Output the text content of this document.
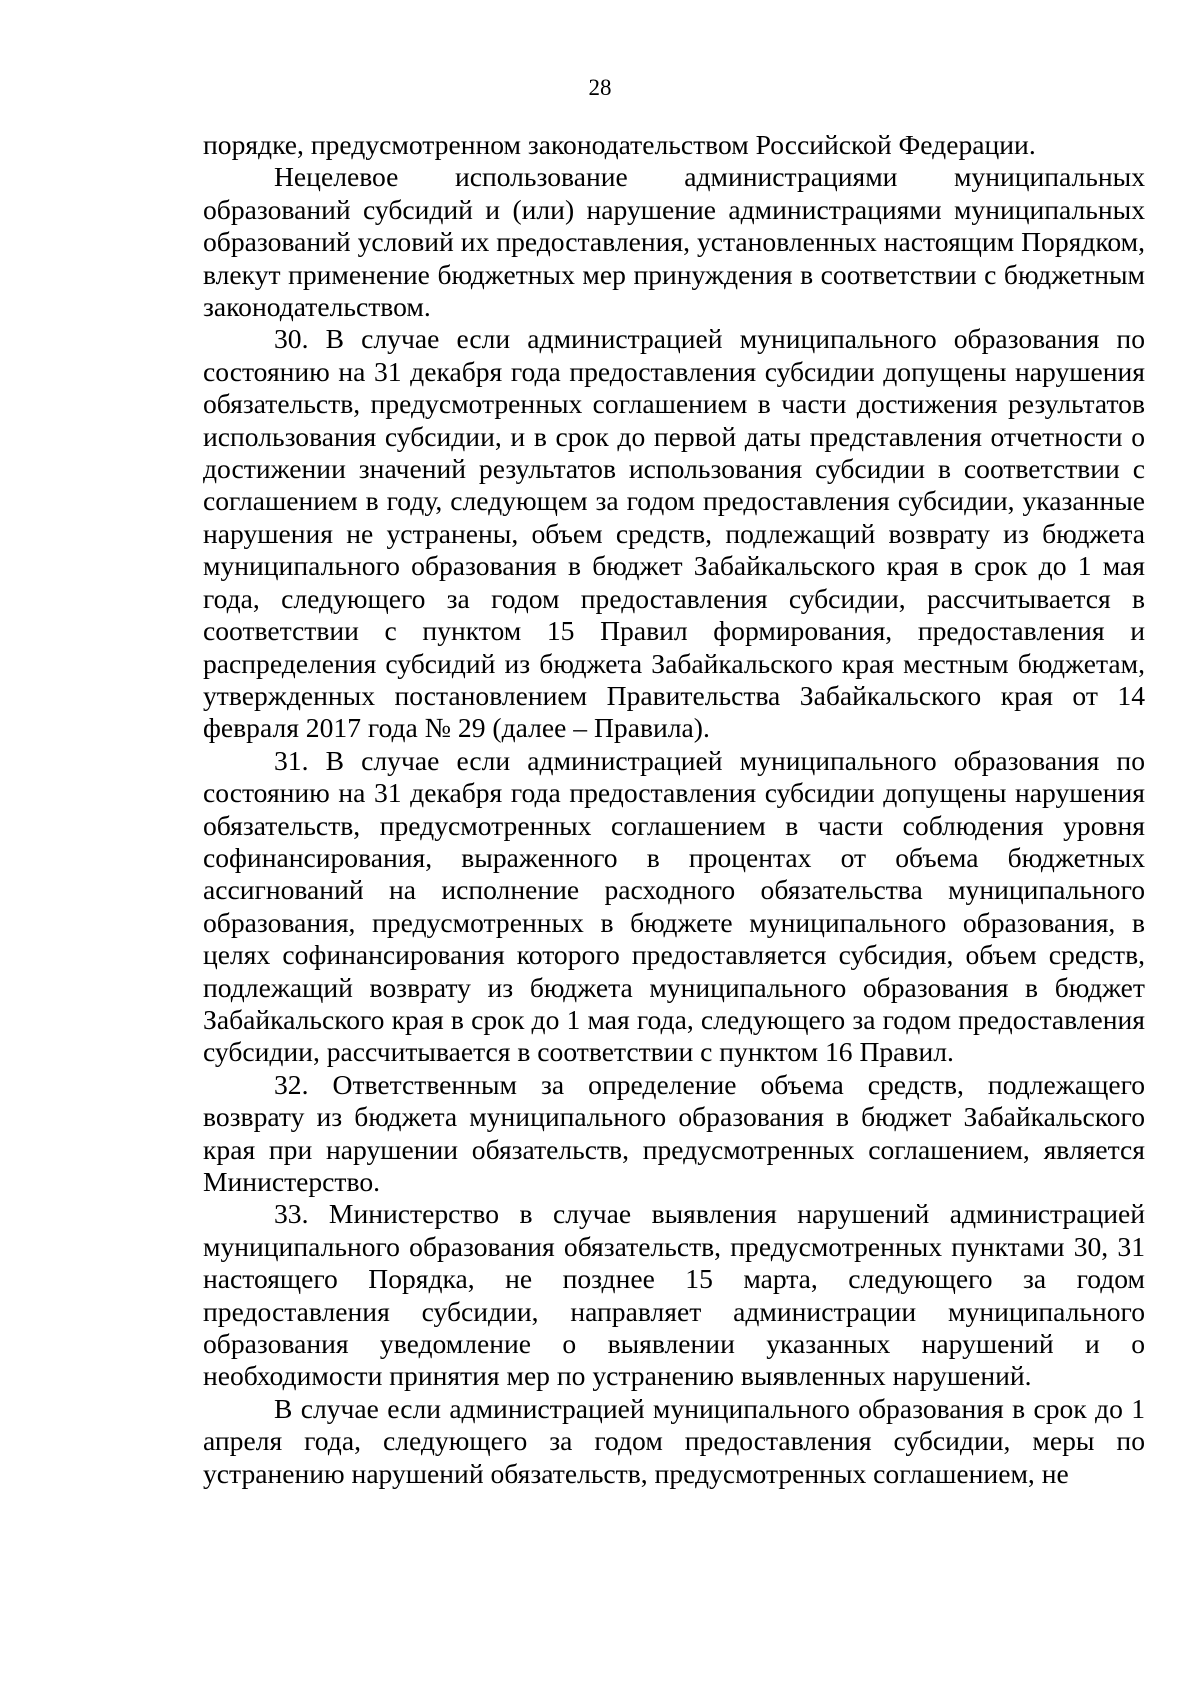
28

порядке, предусмотренном законодательством Российской Федерации.

Нецелевое использование администрациями муниципальных образований субсидий и (или) нарушение администрациями муниципальных образований условий их предоставления, установленных настоящим Порядком, влекут применение бюджетных мер принуждения в соответствии с бюджетным законодательством.

30. В случае если администрацией муниципального образования по состоянию на 31 декабря года предоставления субсидии допущены нарушения обязательств, предусмотренных соглашением в части достижения результатов использования субсидии, и в срок до первой даты представления отчетности о достижении значений результатов использования субсидии в соответствии с соглашением в году, следующем за годом предоставления субсидии, указанные нарушения не устранены, объем средств, подлежащий возврату из бюджета муниципального образования в бюджет Забайкальского края в срок до 1 мая года, следующего за годом предоставления субсидии, рассчитывается в соответствии с пунктом 15 Правил формирования, предоставления и распределения субсидий из бюджета Забайкальского края местным бюджетам, утвержденных постановлением Правительства Забайкальского края от 14 февраля 2017 года № 29 (далее – Правила).

31. В случае если администрацией муниципального образования по состоянию на 31 декабря года предоставления субсидии допущены нарушения обязательств, предусмотренных соглашением в части соблюдения уровня софинансирования, выраженного в процентах от объема бюджетных ассигнований на исполнение расходного обязательства муниципального образования, предусмотренных в бюджете муниципального образования, в целях софинансирования которого предоставляется субсидия, объем средств, подлежащий возврату из бюджета муниципального образования в бюджет Забайкальского края в срок до 1 мая года, следующего за годом предоставления субсидии, рассчитывается в соответствии с пунктом 16 Правил.

32. Ответственным за определение объема средств, подлежащего возврату из бюджета муниципального образования в бюджет Забайкальского края при нарушении обязательств, предусмотренных соглашением, является Министерство.

33. Министерство в случае выявления нарушений администрацией муниципального образования обязательств, предусмотренных пунктами 30, 31 настоящего Порядка, не позднее 15 марта, следующего за годом предоставления субсидии, направляет администрации муниципального образования уведомление о выявлении указанных нарушений и о необходимости принятия мер по устранению выявленных нарушений.

В случае если администрацией муниципального образования в срок до 1 апреля года, следующего за годом предоставления субсидии, меры по устранению нарушений обязательств, предусмотренных соглашением, не
